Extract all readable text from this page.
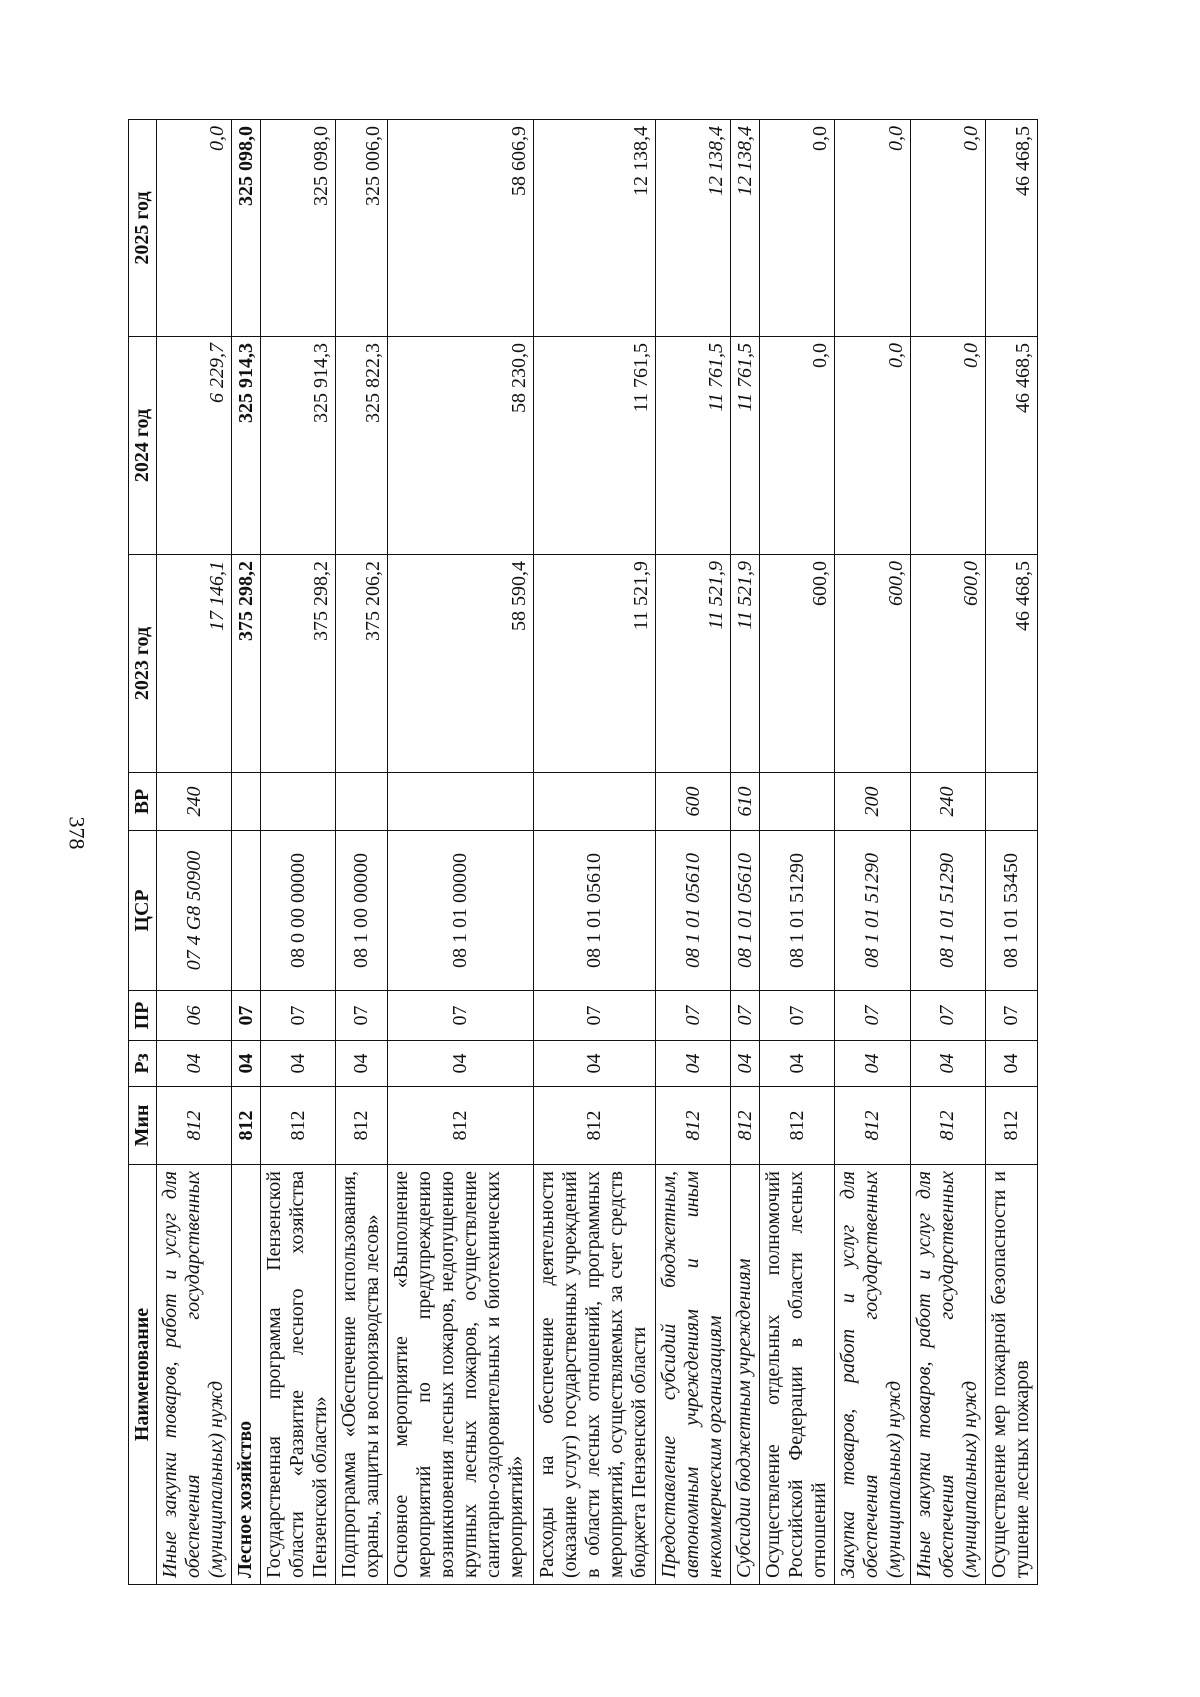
378
Наименование	Мин	Рз	ПР	ЦСР	ВР	2023 год	2024 год	2025 год
Иные закупки товаров, работ и услуг для обеспечения государственных (муниципальных) нужд	812	04	06	07 4 G8 50900	240	17 146,1	6 229,7	0,0
Лесное хозяйство	812	04	07			375 298,2	325 914,3	325 098,0
Государственная программа Пензенской области «Развитие лесного хозяйства Пензенской области»	812	04	07	08 0 00 00000		375 298,2	325 914,3	325 098,0
Подпрограмма «Обеспечение использования, охраны, защиты и воспроизводства лесов»	812	04	07	08 1 00 00000		375 206,2	325 822,3	325 006,0
Основное мероприятие «Выполнение мероприятий по предупреждению возникновения лесных пожаров, недопущению крупных лесных пожаров, осуществление санитарно-оздоровительных и биотехнических мероприятий»	812	04	07	08 1 01 00000		58 590,4	58 230,0	58 606,9
Расходы на обеспечение деятельности (оказание услуг) государственных учреждений в области лесных отношений, программных мероприятий, осуществляемых за счет средств бюджета Пензенской области	812	04	07	08 1 01 05610		11 521,9	11 761,5	12 138,4
Предоставление субсидий бюджетным, автономным учреждениям и иным некоммерческим организациям	812	04	07	08 1 01 05610	600	11 521,9	11 761,5	12 138,4
Субсидии бюджетным учреждениям	812	04	07	08 1 01 05610	610	11 521,9	11 761,5	12 138,4
Осуществление отдельных полномочий Российской Федерации в области лесных отношений	812	04	07	08 1 01 51290		600,0	0,0	0,0
Закупка товаров, работ и услуг для обеспечения государственных (муниципальных) нужд	812	04	07	08 1 01 51290	200	600,0	0,0	0,0
Иные закупки товаров, работ и услуг для обеспечения государственных (муниципальных) нужд	812	04	07	08 1 01 51290	240	600,0	0,0	0,0
Осуществление мер пожарной безопасности и тушение лесных пожаров	812	04	07	08 1 01 53450		46 468,5	46 468,5	46 468,5
